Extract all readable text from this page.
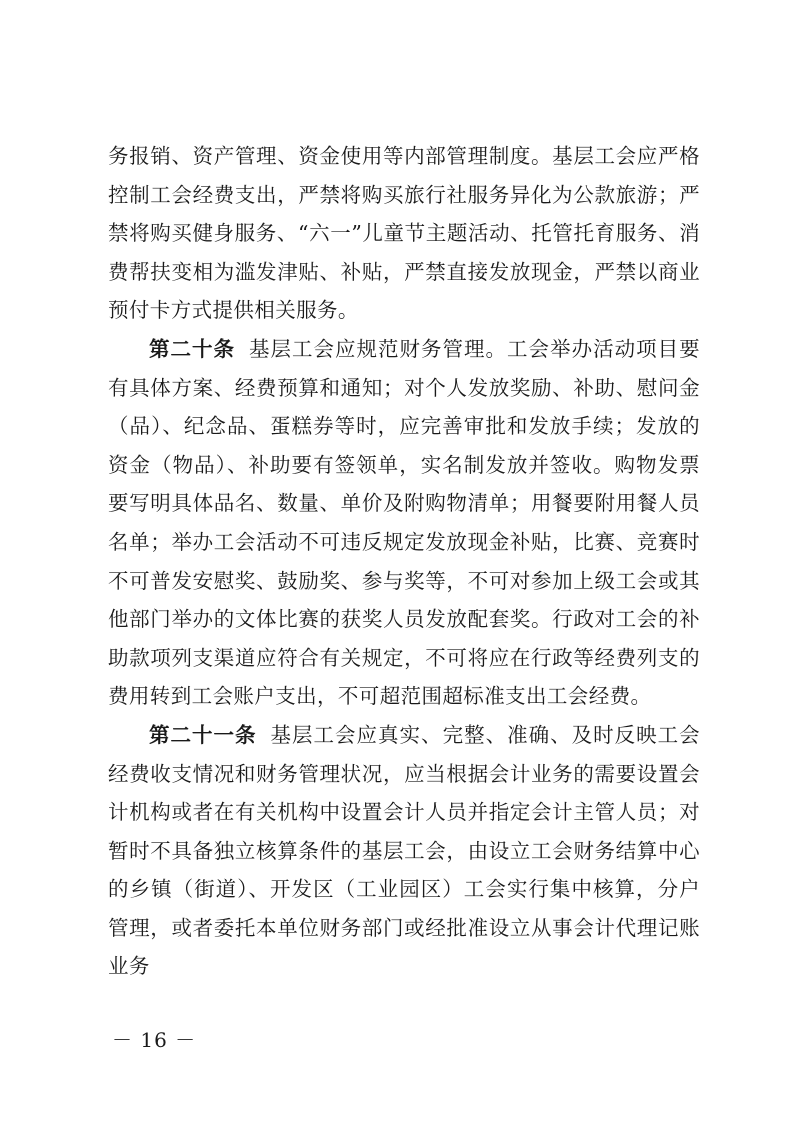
务报销、资产管理、资金使用等内部管理制度。基层工会应严格控制工会经费支出，严禁将购买旅行社服务异化为公款旅游；严禁将购买健身服务、“六一”儿童节主题活动、托管托育服务、消费帮扶变相为滥发津贴、补贴，严禁直接发放现金，严禁以商业预付卡方式提供相关服务。

第二十条 基层工会应规范财务管理。工会举办活动项目要有具体方案、经费预算和通知；对个人发放奖励、补助、慰问金（品）、纪念品、蛋糕券等时，应完善审批和发放手续；发放的资金（物品）、补助要有签领单，实名制发放并签收。购物发票要写明具体品名、数量、单价及附购物清单；用餐要附用餐人员名单；举办工会活动不可违反规定发放现金补贴，比赛、竞赛时不可普发安慰奖、鼓励奖、参与奖等，不可对参加上级工会或其他部门举办的文体比赛的获奖人员发放配套奖。行政对工会的补助款项列支渠道应符合有关规定，不可将应在行政等经费列支的费用转到工会账户支出，不可超范围超标准支出工会经费。

第二十一条 基层工会应真实、完整、准确、及时反映工会经费收支情况和财务管理状况，应当根据会计业务的需要设置会计机构或者在有关机构中设置会计人员并指定会计主管人员；对暂时不具备独立核算条件的基层工会，由设立工会财务结算中心的乡镇（街道）、开发区（工业园区）工会实行集中核算，分户管理，或者委托本单位财务部门或经批准设立从事会计代理记账业务

－ 16 －
